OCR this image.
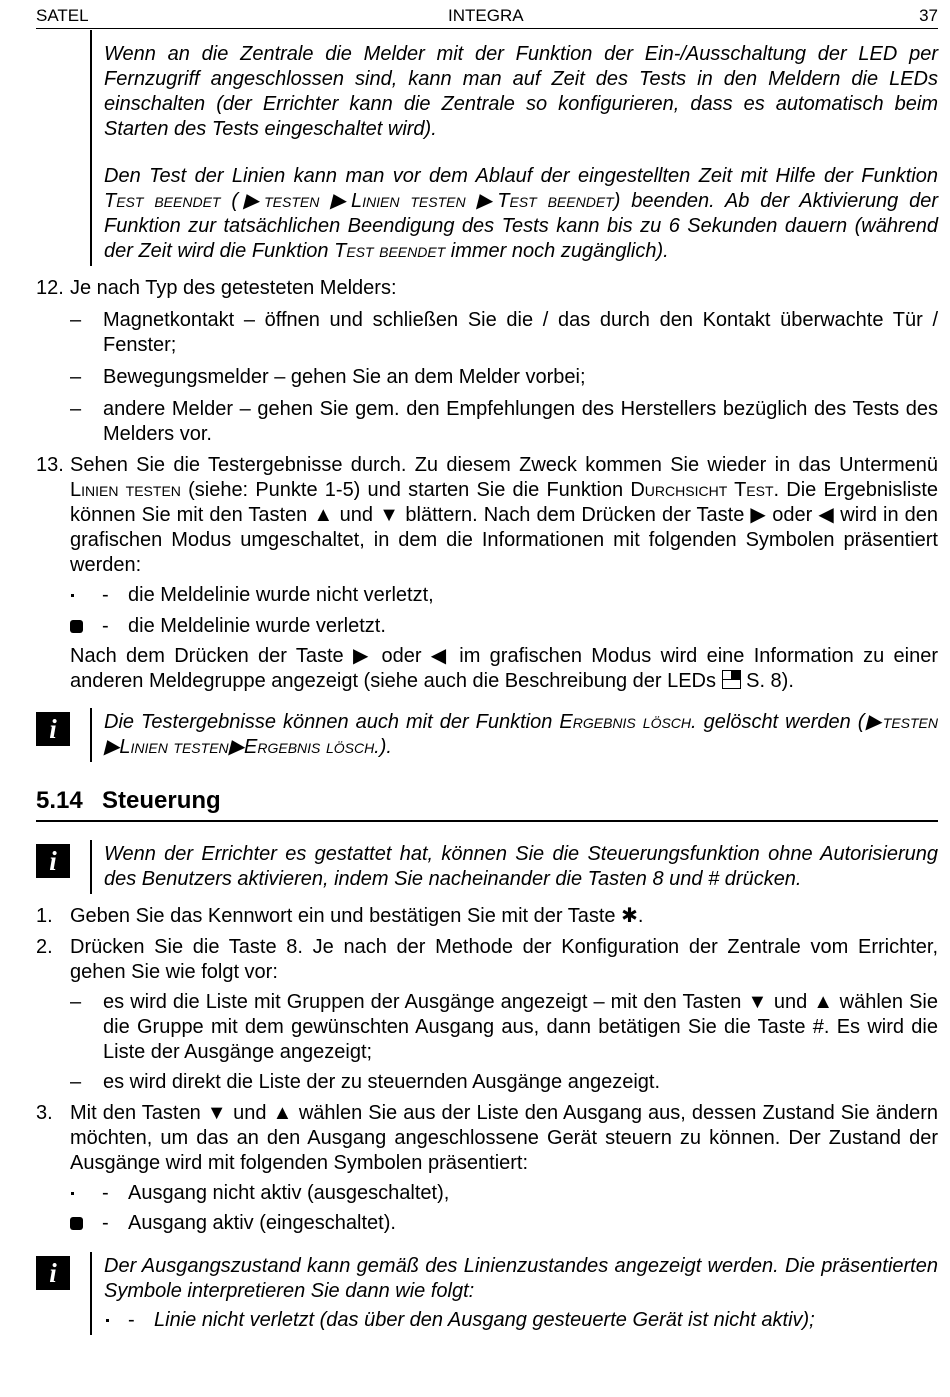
SATEL	INTEGRA	37

Wenn an die Zentrale die Melder mit der Funktion der Ein-/Ausschaltung der LED per Fernzugriff angeschlossen sind, kann man auf Zeit des Tests in den Meldern die LEDs einschalten (der Errichter kann die Zentrale so konfigurieren, dass es automatisch beim Starten des Tests eingeschaltet wird).

Den Test der Linien kann man vor dem Ablauf der eingestellten Zeit mit Hilfe der Funktion Test beendet (▶testen ▶Linien testen ▶Test beendet) beenden. Ab der Aktivierung der Funktion zur tatsächlichen Beendigung des Tests kann bis zu 6 Sekunden dauern (während der Zeit wird die Funktion Test beendet immer noch zugänglich).

12. Je nach Typ des getesteten Melders:

– Magnetkontakt – öffnen und schließen Sie die / das durch den Kontakt überwachte Tür / Fenster;

– Bewegungsmelder – gehen Sie an dem Melder vorbei;

– andere Melder – gehen Sie gem. den Empfehlungen des Herstellers bezüglich des Tests des Melders vor.

13. Sehen Sie die Testergebnisse durch. Zu diesem Zweck kommen Sie wieder in das Untermenü Linien testen (siehe: Punkte 1-5) und starten Sie die Funktion Durchsicht Test. Die Ergebnisliste können Sie mit den Tasten ▲ und ▼ blättern. Nach dem Drücken der Taste ▶ oder ◀ wird in den grafischen Modus umgeschaltet, in dem die Informationen mit folgenden Symbolen präsentiert werden:

- die Meldelinie wurde nicht verletzt,

- die Meldelinie wurde verletzt.

Nach dem Drücken der Taste ▶ oder ◀ im grafischen Modus wird eine Information zu einer anderen Meldegruppe angezeigt (siehe auch die Beschreibung der LEDs  S. 8).

i	Die Testergebnisse können auch mit der Funktion Ergebnis lösch. gelöscht werden (▶testen ▶Linien testen▶Ergebnis lösch.).

5.14 Steuerung
i	Wenn der Errichter es gestattet hat, können Sie die Steuerungsfunktion ohne Autorisierung des Benutzers aktivieren, indem Sie nacheinander die Tasten 8 und # drücken.

1. Geben Sie das Kennwort ein und bestätigen Sie mit der Taste ✱.

2. Drücken Sie die Taste 8. Je nach der Methode der Konfiguration der Zentrale vom Errichter, gehen Sie wie folgt vor:

– es wird die Liste mit Gruppen der Ausgänge angezeigt – mit den Tasten ▼ und ▲ wählen Sie die Gruppe mit dem gewünschten Ausgang aus, dann betätigen Sie die Taste #. Es wird die Liste der Ausgänge angezeigt;

– es wird direkt die Liste der zu steuernden Ausgänge angezeigt.

3. Mit den Tasten ▼ und ▲ wählen Sie aus der Liste den Ausgang aus, dessen Zustand Sie ändern möchten, um das an den Ausgang angeschlossene Gerät steuern zu können. Der Zustand der Ausgänge wird mit folgenden Symbolen präsentiert:

- Ausgang nicht aktiv (ausgeschaltet),

- Ausgang aktiv (eingeschaltet).

i	Der Ausgangszustand kann gemäß des Linienzustandes angezeigt werden. Die präsentierten Symbole interpretieren Sie dann wie folgt:

- Linie nicht verletzt (das über den Ausgang gesteuerte Gerät ist nicht aktiv);
